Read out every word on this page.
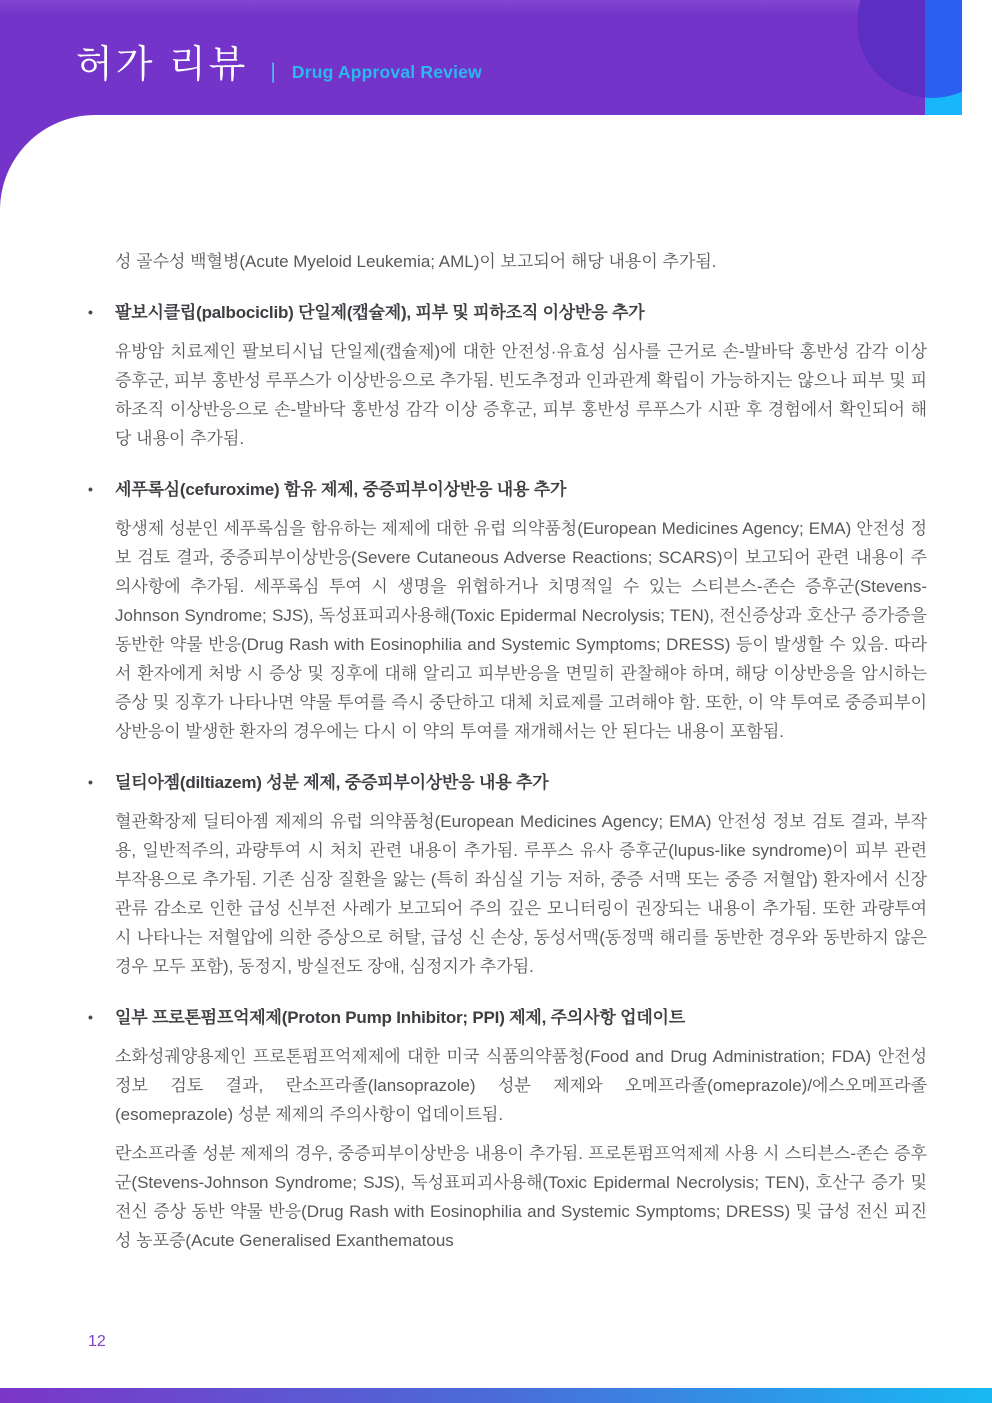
허가 리뷰 | Drug Approval Review

성 골수성 백혈병(Acute Myeloid Leukemia; AML)이 보고되어 해당 내용이 추가됨.

• 팔보시클립(palbociclib) 단일제(캡슐제), 피부 및 피하조직 이상반응 추가

유방암 치료제인 팔보티시닙 단일제(캡슐제)에 대한 안전성·유효성 심사를 근거로 손-발바닥 홍반성 감각 이상 증후군, 피부 홍반성 루푸스가 이상반응으로 추가됨. 빈도추정과 인과관계 확립이 가능하지는 않으나 피부 및 피하조직 이상반응으로 손-발바닥 홍반성 감각 이상 증후군, 피부 홍반성 루푸스가 시판 후 경험에서 확인되어 해당 내용이 추가됨.

• 세푸록심(cefuroxime) 함유 제제, 중증피부이상반응 내용 추가

항생제 성분인 세푸록심을 함유하는 제제에 대한 유럽 의약품청(European Medicines Agency; EMA) 안전성 정보 검토 결과, 중증피부이상반응(Severe Cutaneous Adverse Reactions; SCARS)이 보고되어 관련 내용이 주의사항에 추가됨. 세푸록심 투여 시 생명을 위협하거나 치명적일 수 있는 스티븐스-존슨 증후군(Stevens-Johnson Syndrome; SJS), 독성표피괴사용해(Toxic Epidermal Necrolysis; TEN), 전신증상과 호산구 증가증을 동반한 약물 반응(Drug Rash with Eosinophilia and Systemic Symptoms; DRESS) 등이 발생할 수 있음. 따라서 환자에게 처방 시 증상 및 징후에 대해 알리고 피부반응을 면밀히 관찰해야 하며, 해당 이상반응을 암시하는 증상 및 징후가 나타나면 약물 투여를 즉시 중단하고 대체 치료제를 고려해야 함. 또한, 이 약 투여로 중증피부이상반응이 발생한 환자의 경우에는 다시 이 약의 투여를 재개해서는 안 된다는 내용이 포함됨.

• 딜티아젬(diltiazem) 성분 제제, 중증피부이상반응 내용 추가

혈관확장제 딜티아젬 제제의 유럽 의약품청(European Medicines Agency; EMA) 안전성 정보 검토 결과, 부작용, 일반적주의, 과량투여 시 처치 관련 내용이 추가됨. 루푸스 유사 증후군(lupus-like syndrome)이 피부 관련 부작용으로 추가됨. 기존 심장 질환을 앓는 (특히 좌심실 기능 저하, 중증 서맥 또는 중증 저혈압) 환자에서 신장 관류 감소로 인한 급성 신부전 사례가 보고되어 주의 깊은 모니터링이 권장되는 내용이 추가됨. 또한 과량투여 시 나타나는 저혈압에 의한 증상으로 허탈, 급성 신 손상, 동성서맥(동정맥 해리를 동반한 경우와 동반하지 않은 경우 모두 포함), 동정지, 방실전도 장애, 심정지가 추가됨.

• 일부 프로톤펌프억제제(Proton Pump Inhibitor; PPI) 제제, 주의사항 업데이트

소화성궤양용제인 프로톤펌프억제제에 대한 미국 식품의약품청(Food and Drug Administration; FDA) 안전성 정보 검토 결과, 란소프라졸(lansoprazole) 성분 제제와 오메프라졸(omeprazole)/에스오메프라졸(esomeprazole) 성분 제제의 주의사항이 업데이트됨.

란소프라졸 성분 제제의 경우, 중증피부이상반응 내용이 추가됨. 프로톤펌프억제제 사용 시 스티븐스-존슨 증후군(Stevens-Johnson Syndrome; SJS), 독성표피괴사용해(Toxic Epidermal Necrolysis; TEN), 호산구 증가 및 전신 증상 동반 약물 반응(Drug Rash with Eosinophilia and Systemic Symptoms; DRESS) 및 급성 전신 피진성 농포증(Acute Generalised Exanthematous

12
